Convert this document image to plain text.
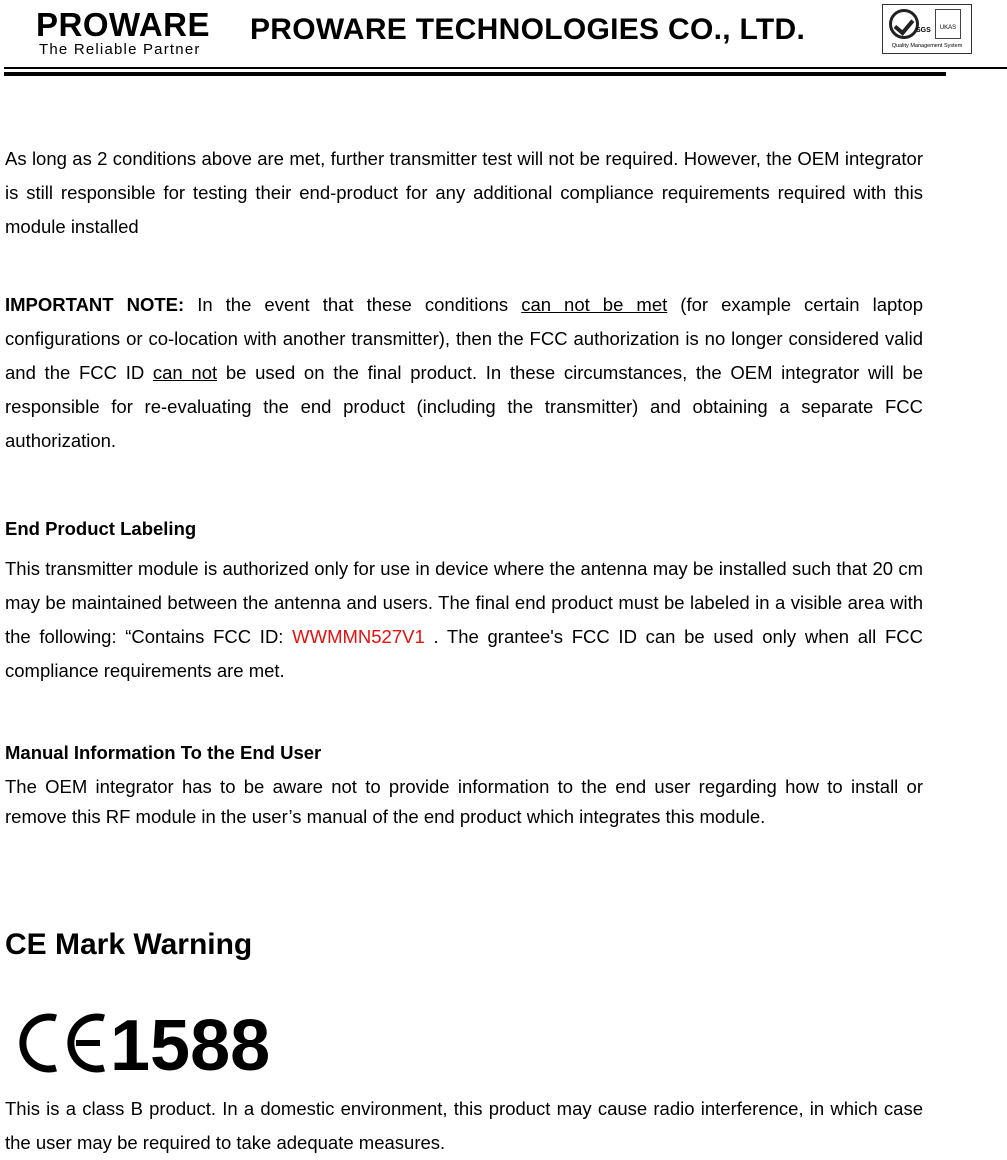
PROWARE
The Reliable Partner
PROWARE TECHNOLOGIES CO., LTD.	SGS	UKAS
Quality Management System

As long as 2 conditions above are met, further transmitter test will not be required. However, the OEM integrator is still responsible for testing their end-product for any additional compliance requirements required with this module installed

IMPORTANT NOTE: In the event that these conditions can not be met (for example certain laptop configurations or co-location with another transmitter), then the FCC authorization is no longer considered valid and the FCC ID can not be used on the final product. In these circumstances, the OEM integrator will be responsible for re-evaluating the end product (including the transmitter) and obtaining a separate FCC authorization.

End Product Labeling

This transmitter module is authorized only for use in device where the antenna may be installed such that 20 cm may be maintained between the antenna and users. The final end product must be labeled in a visible area with the following: “Contains FCC ID: WWMMN527V1 . The grantee's FCC ID can be used only when all FCC compliance requirements are met.

Manual Information To the End User

The OEM integrator has to be aware not to provide information to the end user regarding how to install or remove this RF module in the user’s manual of the end product which integrates this module.

CE Mark Warning
1588

This is a class B product. In a domestic environment, this product may cause radio interference, in which case the user may be required to take adequate measures.
